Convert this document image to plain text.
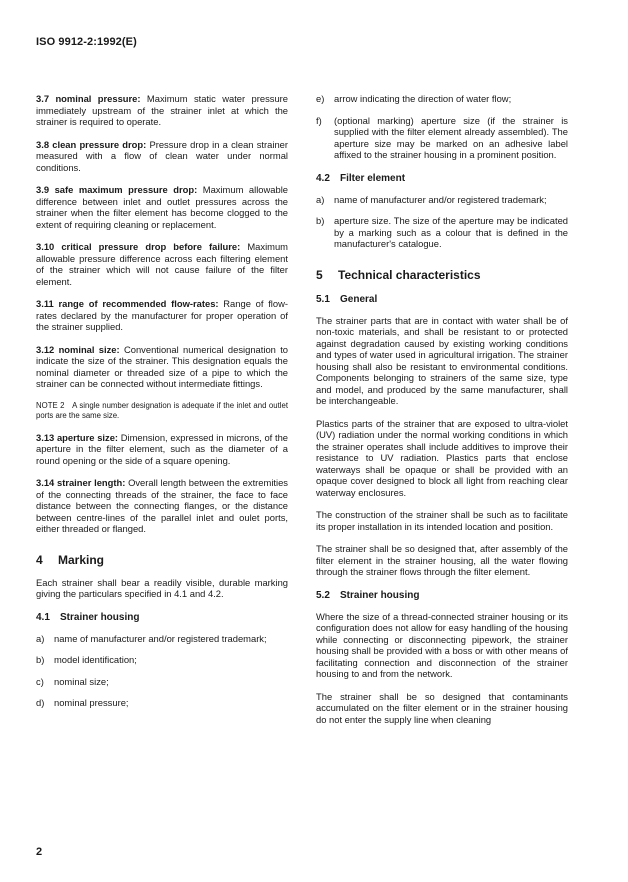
ISO 9912-2:1992(E)

3.7 nominal pressure: Maximum static water pressure immediately upstream of the strainer inlet at which the strainer is required to operate.

3.8 clean pressure drop: Pressure drop in a clean strainer measured with a flow of clean water under normal conditions.

3.9 safe maximum pressure drop: Maximum allowable difference between inlet and outlet pressures across the strainer when the filter element has become clogged to the extent of requiring cleaning or replacement.

3.10 critical pressure drop before failure: Maximum allowable pressure difference across each filtering element of the strainer which will not cause failure of the filter element.

3.11 range of recommended flow-rates: Range of flow-rates declared by the manufacturer for proper operation of the strainer supplied.

3.12 nominal size: Conventional numerical designation to indicate the size of the strainer. This designation equals the nominal diameter or threaded size of a pipe to which the strainer can be connected without intermediate fittings.

NOTE 2 A single number designation is adequate if the inlet and outlet ports are the same size.

3.13 aperture size: Dimension, expressed in microns, of the aperture in the filter element, such as the diameter of a round opening or the side of a square opening.

3.14 strainer length: Overall length between the extremities of the connecting threads of the strainer, the face to face distance between the connecting flanges, or the distance between centre-lines of the parallel inlet and oulet ports, either threaded or flanged.

4 Marking

Each strainer shall bear a readily visible, durable marking giving the particulars specified in 4.1 and 4.2.

4.1 Strainer housing
a) name of manufacturer and/or registered trademark;
b) model identification;
c) nominal size;
d) nominal pressure;
e) arrow indicating the direction of water flow;
f) (optional marking) aperture size (if the strainer is supplied with the filter element already assembled). The aperture size may be marked on an adhesive label affixed to the strainer housing in a prominent position.
4.2 Filter element
a) name of manufacturer and/or registered trademark;
b) aperture size. The size of the aperture may be indicated by a marking such as a colour that is defined in the manufacturer's catalogue.
5 Technical characteristics
5.1 General

The strainer parts that are in contact with water shall be of non-toxic materials, and shall be resistant to or protected against degradation caused by existing working conditions and types of water used in agricultural irrigation. The strainer housing shall also be resistant to environmental conditions. Components belonging to strainers of the same size, type and model, and produced by the same manufacturer, shall be interchangeable.

Plastics parts of the strainer that are exposed to ultra-violet (UV) radiation under the normal working conditions in which the strainer operates shall include additives to improve their resistance to UV radiation. Plastics parts that enclose waterways shall be opaque or shall be provided with an opaque cover designed to block all light from reaching clear waterway enclosures.

The construction of the strainer shall be such as to facilitate its proper installation in its intended location and position.

The strainer shall be so designed that, after assembly of the filter element in the strainer housing, all the water flowing through the strainer flows through the filter element.

5.2 Strainer housing

Where the size of a thread-connected strainer housing or its configuration does not allow for easy handling of the housing while connecting or disconnecting pipework, the strainer housing shall be provided with a boss or with other means of facilitating connection and disconnection of the strainer housing to and from the network.

The strainer shall be so designed that contaminants accumulated on the filter element or in the strainer housing do not enter the supply line when cleaning

2
